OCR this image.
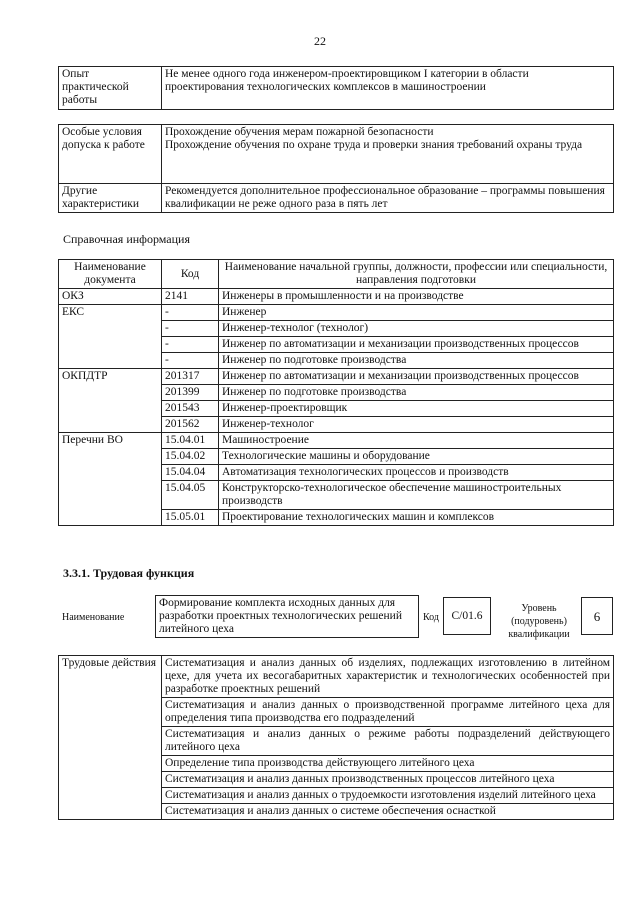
22
Опыт практической работы	Не менее одного года инженером-проектировщиком I категории в области проектирования технологических комплексов в машиностроении
Особые условия допуска к работе	Прохождение обучения мерам пожарной безопасности
Прохождение обучения по охране труда и проверки знания требований охраны труда

Другие характеристики	Рекомендуется дополнительное профессиональное образование – программы повышения квалификации не реже одного раза в пять лет
Справочная информация
Наименование документа	Код	Наименование начальной группы, должности, профессии или специальности, направления подготовки
ОКЗ	2141	Инженеры в промышленности и на производстве
ЕКС	-	Инженер
	-	Инженер-технолог (технолог)
	-	Инженер по автоматизации и механизации производственных процессов
	-	Инженер по подготовке производства
ОКПДТР	201317	Инженер по автоматизации и механизации производственных процессов
	201399	Инженер по подготовке производства
	201543	Инженер-проектировщик
	201562	Инженер-технолог
Перечни ВО	15.04.01	Машиностроение
	15.04.02	Технологические машины и оборудование
	15.04.04	Автоматизация технологических процессов и производств
	15.04.05	Конструкторско-технологическое обеспечение машиностроительных производств
	15.05.01	Проектирование технологических машин и комплексов
3.3.1. Трудовая функция
Наименование
Формирование комплекта исходных данных для разработки проектных технологических решений литейного цеха
Код C/01.6
Уровень (подуровень) квалификации
6
Трудовые действия	Систематизация и анализ данных об изделиях, подлежащих изготовлению в литейном цехе, для учета их весогабаритных характеристик и технологических особенностей при разработке проектных решений
Систематизация и анализ данных о производственной программе литейного цеха для определения типа производства его подразделений
Систематизация и анализ данных о режиме работы подразделений действующего литейного цеха
Определение типа производства действующего литейного цеха
Систематизация и анализ данных производственных процессов литейного цеха
Систематизация и анализ данных о трудоемкости изготовления изделий литейного цеха
Систематизация и анализ данных о системе обеспечения оснасткой
